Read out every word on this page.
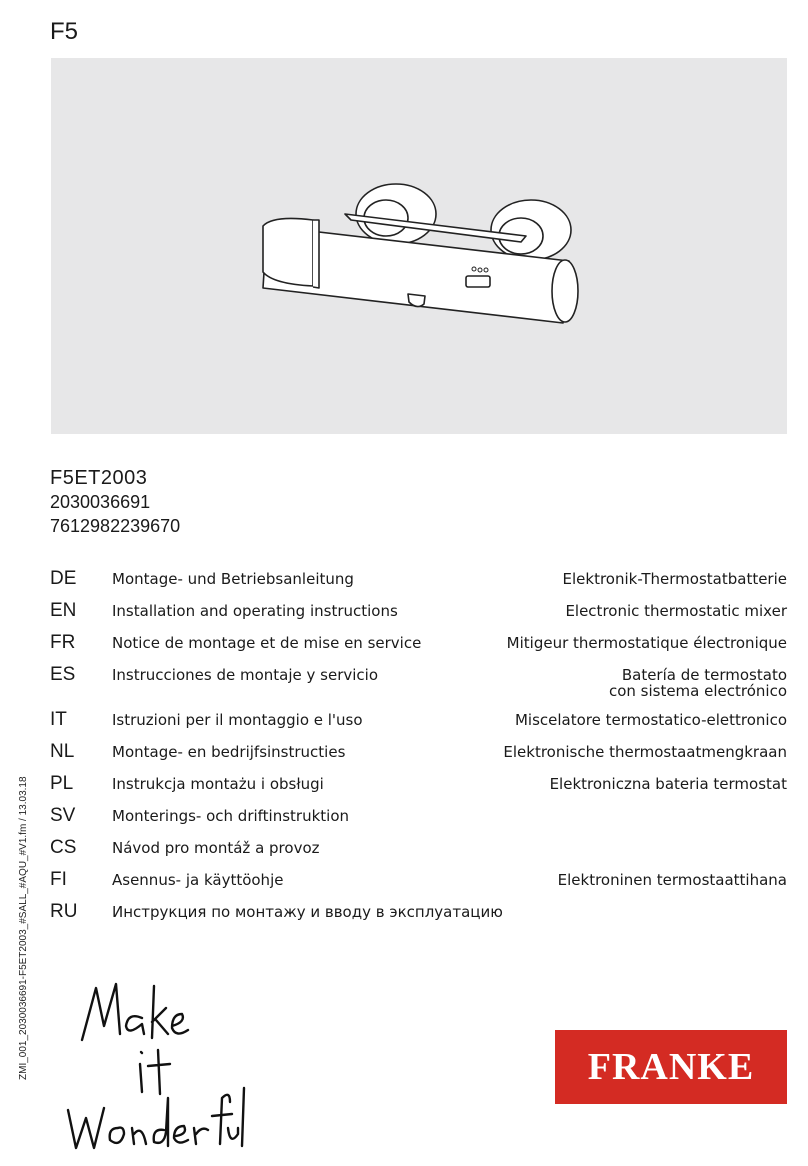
F5

F5ET2003

2030036691

7612982239670

DE	Montage- und Betriebsanleitung	Elektronik-Thermostatbatterie
EN	Installation and operating instructions	Electronic thermostatic mixer
FR	Notice de montage et de mise en service	Mitigeur thermostatique électronique
ES	Instrucciones de montaje y servicio	Batería de termostato con sistema electrónico
IT	Istruzioni per il montaggio e l'uso	Miscelatore termostatico-elettronico
NL	Montage- en bedrijfsinstructies	Elektronische thermostaatmengkraan
PL	Instrukcja montażu i obsługi	Elektroniczna bateria termostat
SV	Monterings- och driftinstruktion
CS	Návod pro montáž a provoz
FI	Asennus- ja käyttöohje	Elektroninen termostaattihana
RU	Инструкция по монтажу и вводу в эксплуатацию
ZMI_001_2030036691-F5ET2003_#SALL_#AQU_#V1.fm / 13.03.18	FRANKE
